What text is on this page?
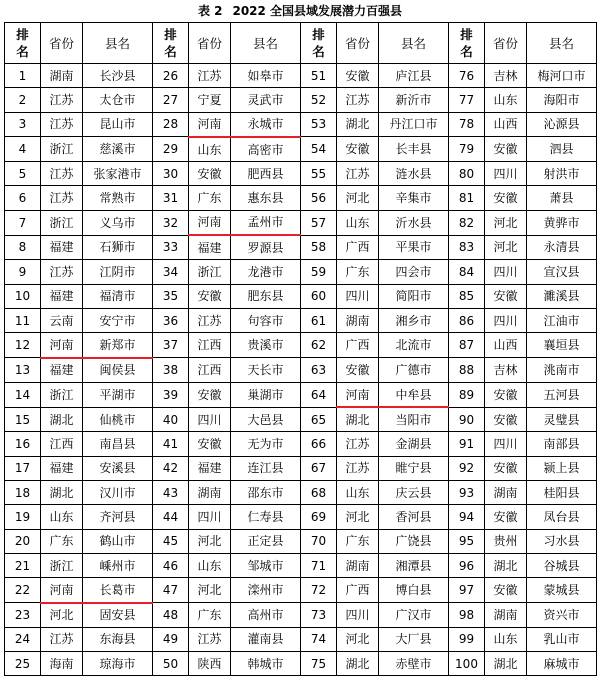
表 2 2022 全国县域发展潜力百强县
排
名	省份	县名	排
名	省份	县名	排
名	省份	县名	排
名	省份	县名
1	湖南	长沙县	26	江苏	如皋市	51	安徽	庐江县	76	吉林	梅河口市
2	江苏	太仓市	27	宁夏	灵武市	52	江苏	新沂市	77	山东	海阳市
3	江苏	昆山市	28	河南	永城市	53	湖北	丹江口市	78	山西	沁源县
4	浙江	慈溪市	29	山东	高密市	54	安徽	长丰县	79	安徽	泗县
5	江苏	张家港市	30	安徽	肥西县	55	江苏	涟水县	80	四川	射洪市
6	江苏	常熟市	31	广东	惠东县	56	河北	辛集市	81	安徽	萧县
7	浙江	义乌市	32	河南	孟州市	57	山东	沂水县	82	河北	黄骅市
8	福建	石狮市	33	福建	罗源县	58	广西	平果市	83	河北	永清县
9	江苏	江阴市	34	浙江	龙港市	59	广东	四会市	84	四川	宣汉县
10	福建	福清市	35	安徽	肥东县	60	四川	简阳市	85	安徽	濉溪县
11	云南	安宁市	36	江苏	句容市	61	湖南	湘乡市	86	四川	江油市
12	河南	新郑市	37	江西	贵溪市	62	广西	北流市	87	山西	襄垣县
13	福建	闽侯县	38	江西	天长市	63	安徽	广德市	88	吉林	洮南市
14	浙江	平湖市	39	安徽	巢湖市	64	河南	中牟县	89	安徽	五河县
15	湖北	仙桃市	40	四川	大邑县	65	湖北	当阳市	90	安徽	灵璧县
16	江西	南昌县	41	安徽	无为市	66	江苏	金湖县	91	四川	南部县
17	福建	安溪县	42	福建	连江县	67	江苏	睢宁县	92	安徽	颍上县
18	湖北	汉川市	43	湖南	邵东市	68	山东	庆云县	93	湖南	桂阳县
19	山东	齐河县	44	四川	仁寿县	69	河北	香河县	94	安徽	凤台县
20	广东	鹤山市	45	河北	正定县	70	广东	广饶县	95	贵州	习水县
21	浙江	嵊州市	46	山东	邹城市	71	湖南	湘潭县	96	湖北	谷城县
22	河南	长葛市	47	河北	滦州市	72	广西	博白县	97	安徽	蒙城县
23	河北	固安县	48	广东	高州市	73	四川	广汉市	98	湖南	资兴市
24	江苏	东海县	49	江苏	灌南县	74	河北	大厂县	99	山东	乳山市
25	海南	琼海市	50	陕西	韩城市	75	湖北	赤壁市	100	湖北	麻城市
